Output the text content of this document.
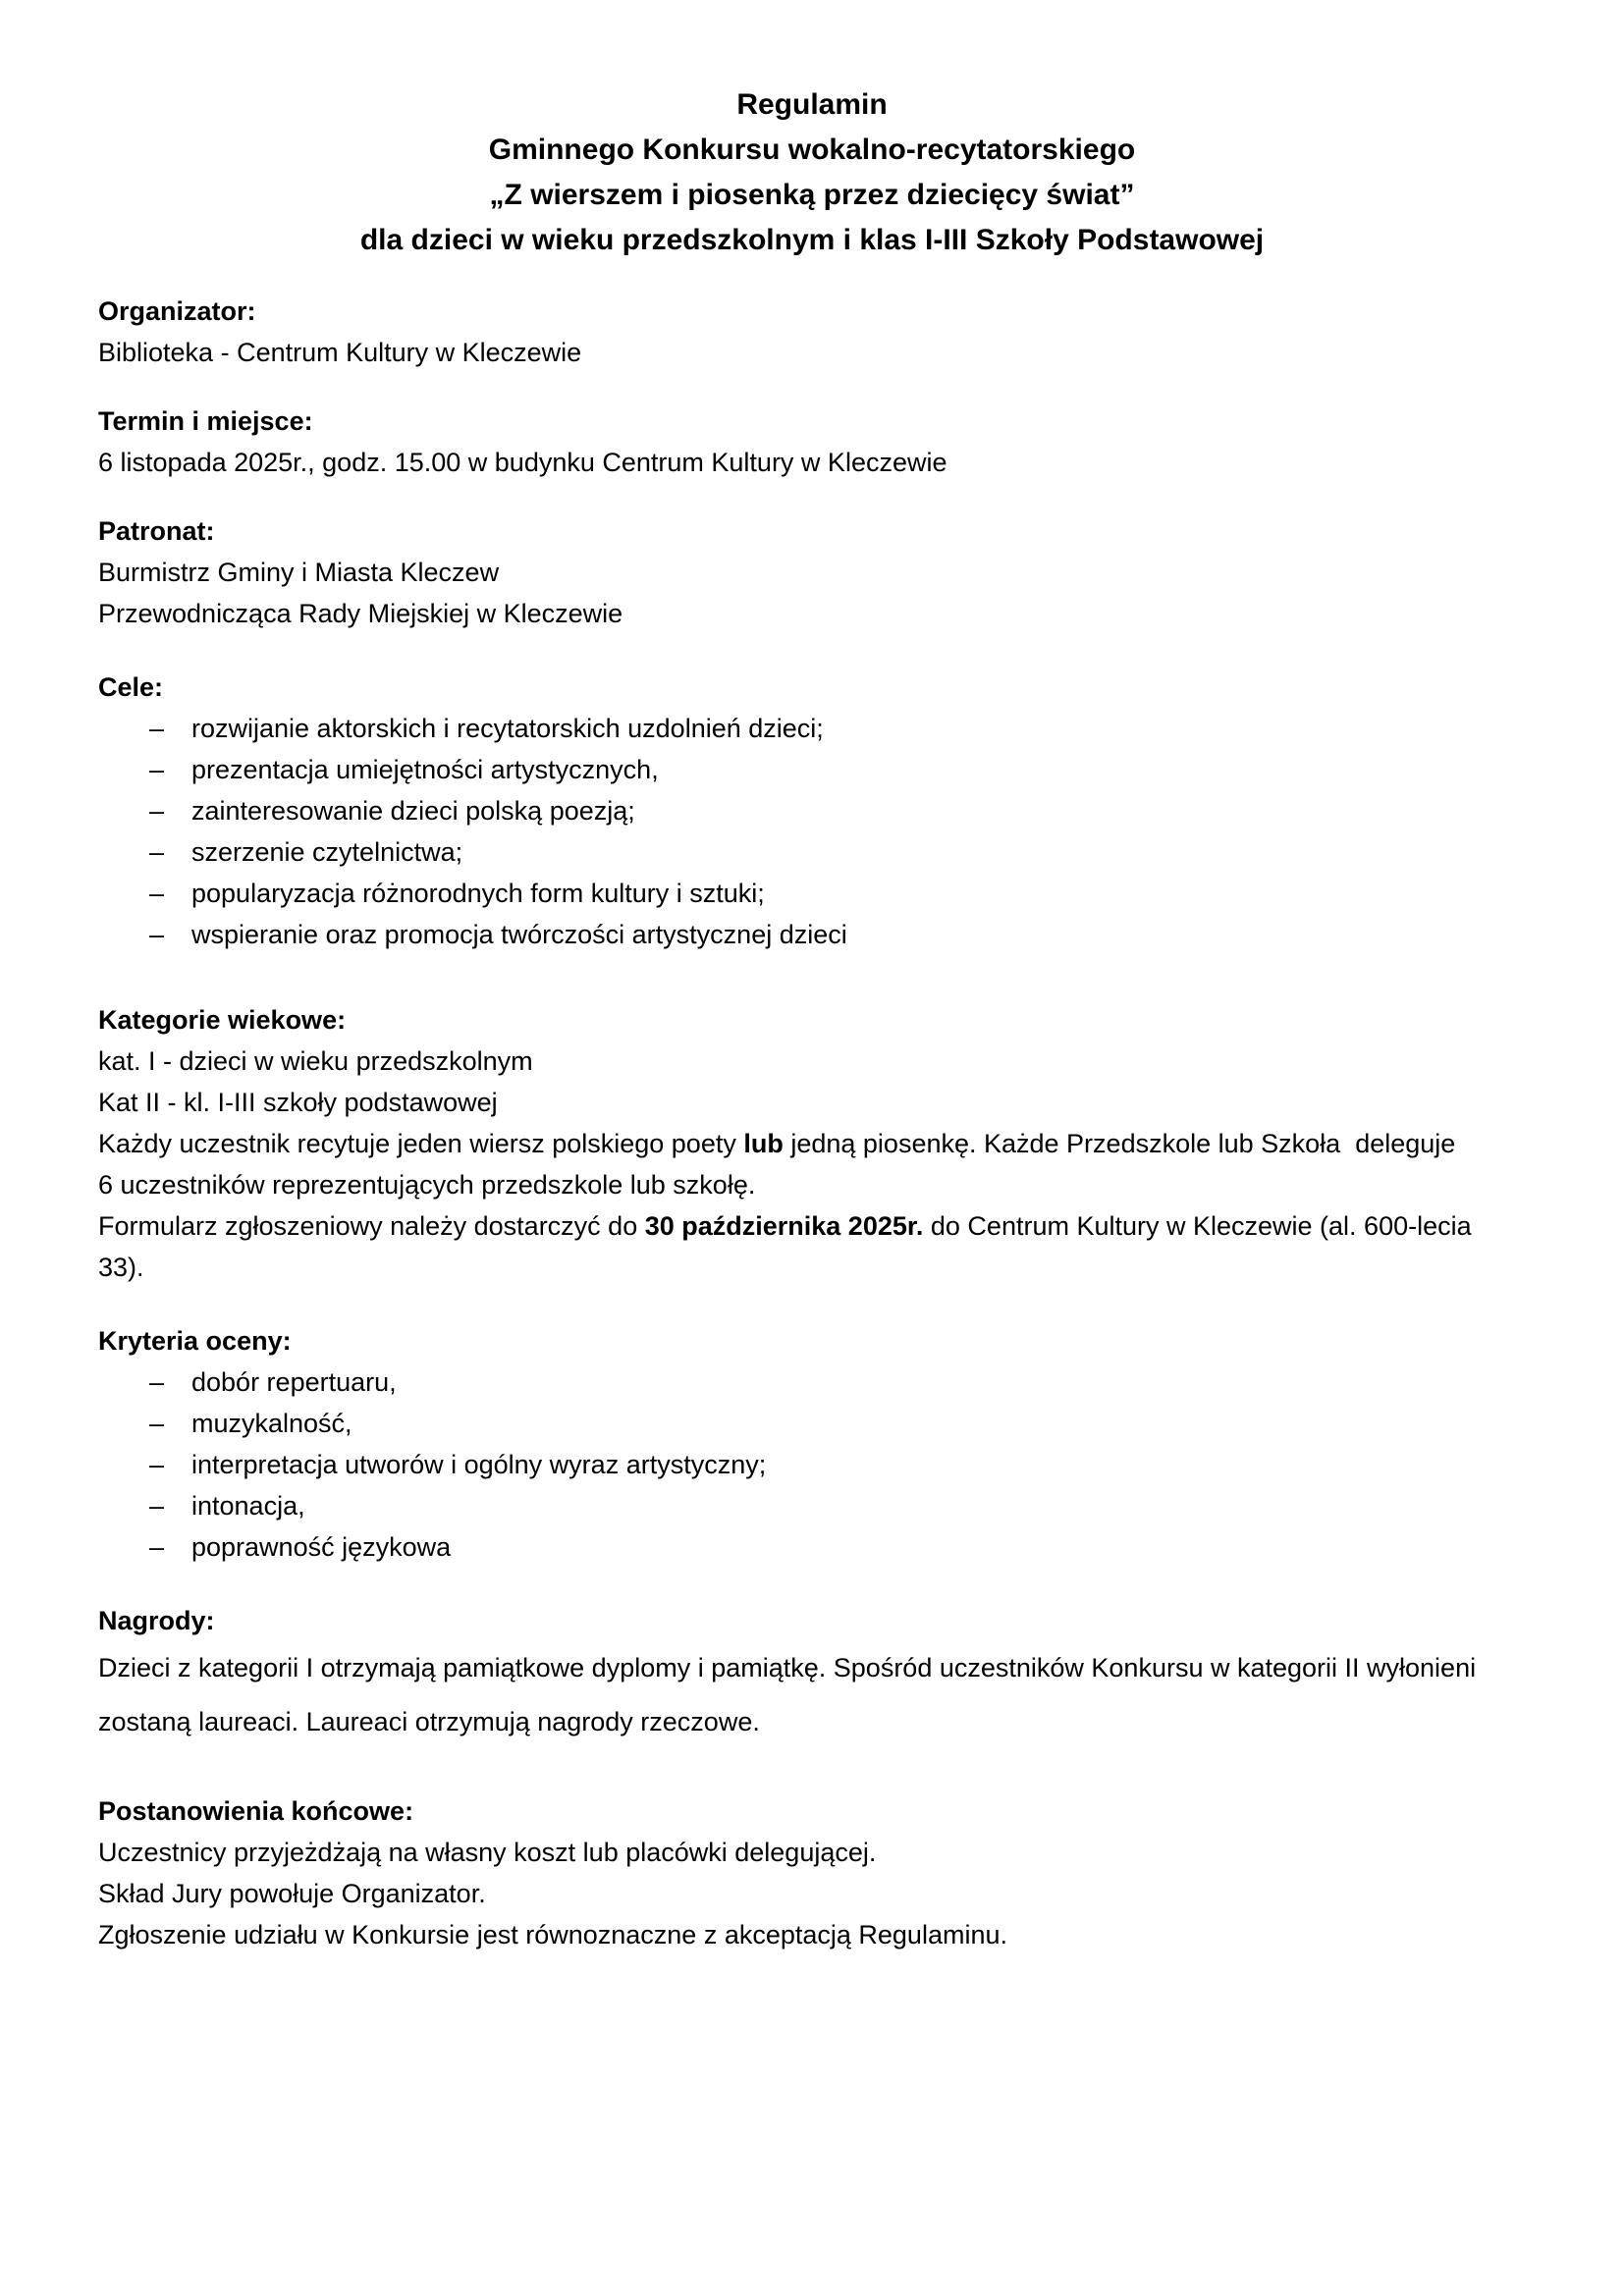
Regulamin
Gminnego Konkursu wokalno-recytatorskiego
„Z wierszem i piosenką przez dziecięcy świat”
dla dzieci w wieku przedszkolnym i klas I-III Szkoły Podstawowej
Organizator:
Biblioteka - Centrum Kultury w Kleczewie
Termin i miejsce:
6 listopada 2025r., godz. 15.00 w budynku Centrum Kultury w Kleczewie
Patronat:
Burmistrz Gminy i Miasta Kleczew
Przewodnicząca Rady Miejskiej w Kleczewie
Cele:
–	rozwijanie aktorskich i recytatorskich uzdolnień dzieci;
–	prezentacja umiejętności artystycznych,
–	zainteresowanie dzieci polską poezją;
–	szerzenie czytelnictwa;
–	popularyzacja różnorodnych form kultury i sztuki;
–	wspieranie oraz promocja twórczości artystycznej dzieci
Kategorie wiekowe:
kat. I - dzieci w wieku przedszkolnym
Kat II - kl. I-III szkoły podstawowej
Każdy uczestnik recytuje jeden wiersz polskiego poety lub jedną piosenkę. Każde Przedszkole lub Szkoła  deleguje
6 uczestników reprezentujących przedszkole lub szkołę.
Formularz zgłoszeniowy należy dostarczyć do 30 października 2025r. do Centrum Kultury w Kleczewie (al. 600-lecia
33).
Kryteria oceny:
–	dobór repertuaru,
–	muzykalność,
–	interpretacja utworów i ogólny wyraz artystyczny;
–	intonacja,
–	poprawność językowa
Nagrody:
Dzieci z kategorii I otrzymają pamiątkowe dyplomy i pamiątkę. Spośród uczestników Konkursu w kategorii II wyłonieni
zostaną laureaci. Laureaci otrzymują nagrody rzeczowe.
Postanowienia końcowe:
Uczestnicy przyjeżdżają na własny koszt lub placówki delegującej.
Skład Jury powołuje Organizator.
Zgłoszenie udziału w Konkursie jest równoznaczne z akceptacją Regulaminu.
